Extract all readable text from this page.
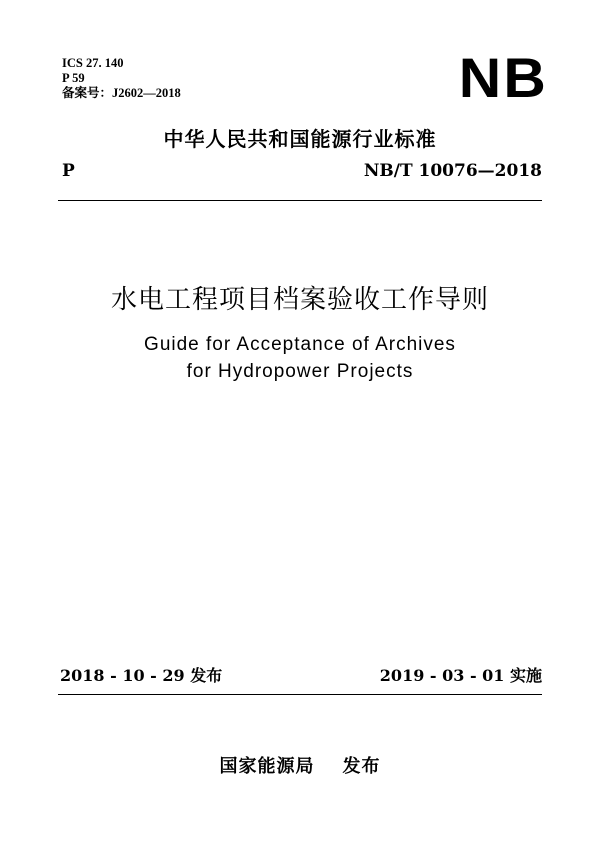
ICS 27. 140
P 59
备案号：J2602—2018	NB
中华人民共和国能源行业标准
P	NB/T 10076—2018
水电工程项目档案验收工作导则
Guide for Acceptance of Archives
for Hydropower Projects
2018 - 10 - 29 发布	2019 - 03 - 01 实施
国家能源局 发布
